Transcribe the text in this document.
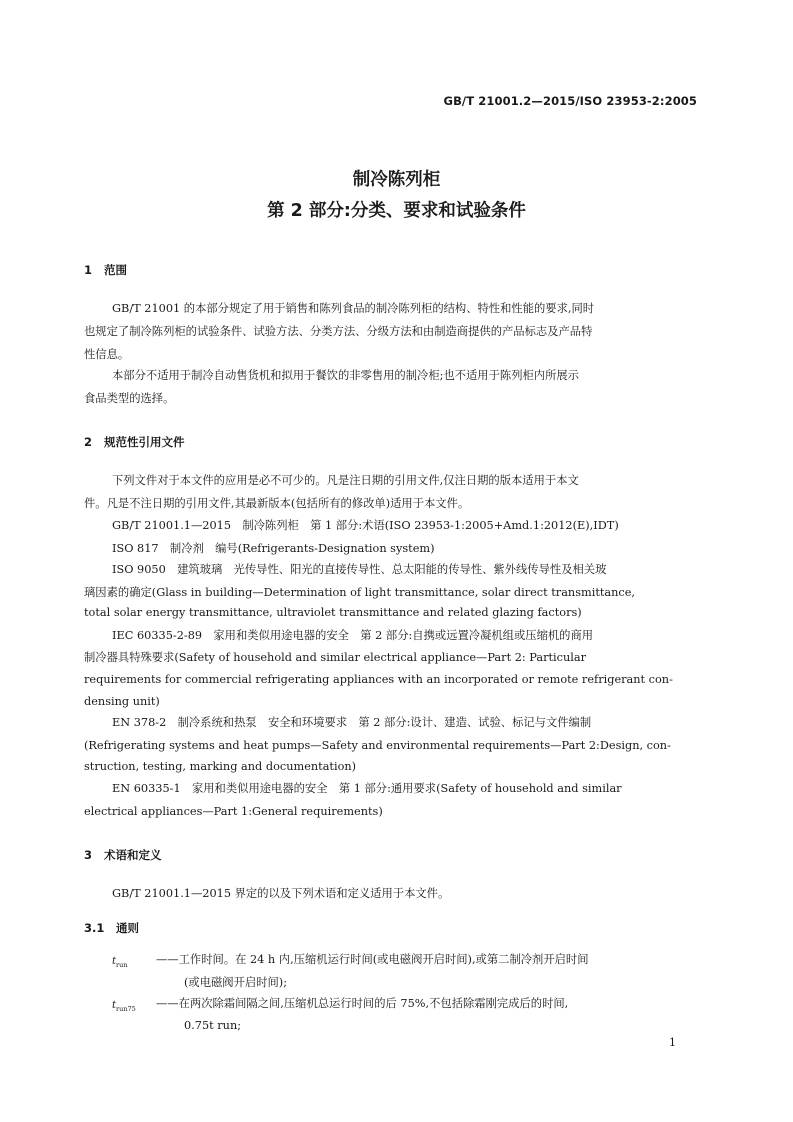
GB/T 21001.2—2015/ISO 23953-2:2005
制冷陈列柜
第 2 部分:分类、要求和试验条件
1 范围
GB/T 21001 的本部分规定了用于销售和陈列食品的制冷陈列柜的结构、特性和性能的要求,同时
也规定了制冷陈列柜的试验条件、试验方法、分类方法、分级方法和由制造商提供的产品标志及产品特
性信息。
本部分不适用于制冷自动售货机和拟用于餐饮的非零售用的制冷柜;也不适用于陈列柜内所展示
食品类型的选择。
2 规范性引用文件
下列文件对于本文件的应用是必不可少的。凡是注日期的引用文件,仅注日期的版本适用于本文
件。凡是不注日期的引用文件,其最新版本(包括所有的修改单)适用于本文件。
GB/T 21001.1—2015　制冷陈列柜　第 1 部分:术语(ISO 23953-1:2005+Amd.1:2012(E),IDT)
ISO 817　制冷剂　编号(Refrigerants-Designation system)
ISO 9050　建筑玻璃　光传导性、阳光的直接传导性、总太阳能的传导性、紫外线传导性及相关玻
璃因素的确定(Glass in building—Determination of light transmittance, solar direct transmittance,
total solar energy transmittance, ultraviolet transmittance and related glazing factors)
IEC 60335-2-89　家用和类似用途电器的安全　第 2 部分:自携或远置冷凝机组或压缩机的商用
制冷器具特殊要求(Safety of household and similar electrical appliance—Part 2: Particular
requirements for commercial refrigerating appliances with an incorporated or remote refrigerant con-
densing unit)
EN 378-2　制冷系统和热泵　安全和环境要求　第 2 部分:设计、建造、试验、标记与文件编制
(Refrigerating systems and heat pumps—Safety and environmental requirements—Part 2:Design, con-
struction, testing, marking and documentation)
EN 60335-1　家用和类似用途电器的安全　第 1 部分:通用要求(Safety of household and similar
electrical appliances—Part 1:General requirements)
3 术语和定义
GB/T 21001.1—2015 界定的以及下列术语和定义适用于本文件。
3.1 通则
$t_{run}$	——工作时间。在 24 h 内,压缩机运行时间(或电磁阀开启时间),或第二制冷剂开启时间
(或电磁阀开启时间);
$t_{run75}$ ——在两次除霜间隔之间,压缩机总运行时间的后 75%,不包括除霜刚完成后的时间,
0.75t run;
1
